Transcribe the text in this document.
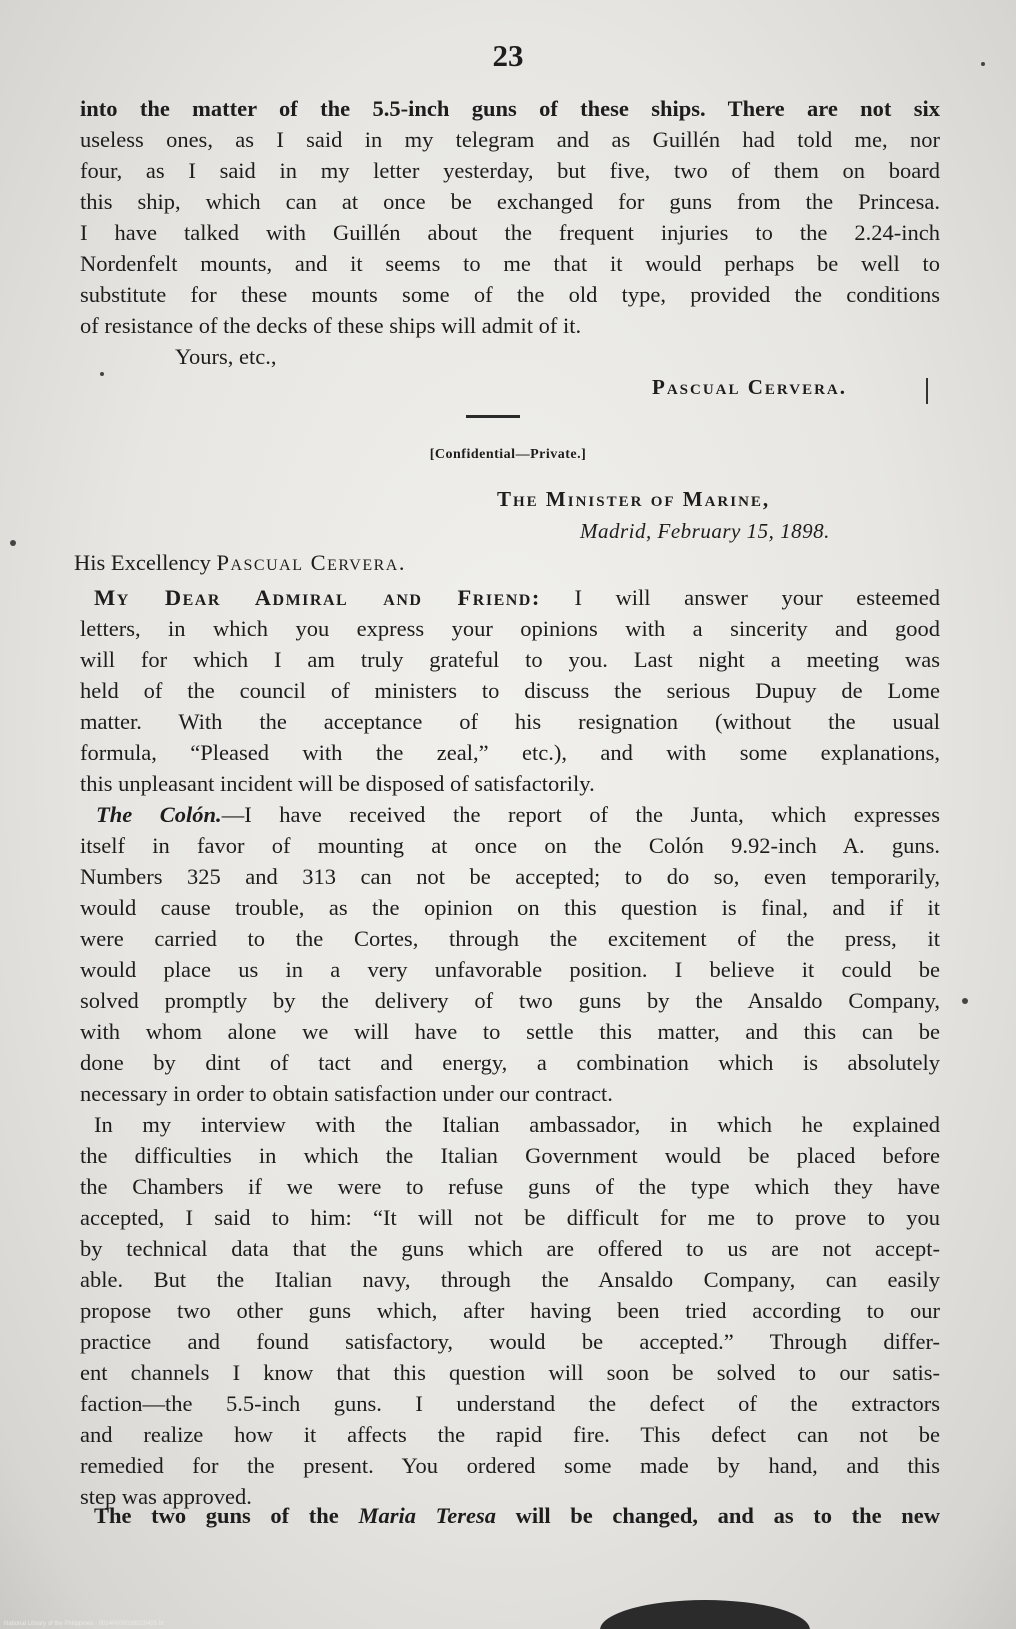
23
into the matter of the 5.5-inch guns of these ships. There are not six
useless ones, as I said in my telegram and as Guillén had told me, nor
four, as I said in my letter yesterday, but five, two of them on board
this ship, which can at once be exchanged for guns from the Princesa.
I have talked with Guillén about the frequent injuries to the 2.24-inch
Nordenfelt mounts, and it seems to me that it would perhaps be well to
substitute for these mounts some of the old type, provided the conditions
of resistance of the decks of these ships will admit of it.
Yours, etc.,
Pascual Cervera.
[Confidential—Private.]
The Minister of Marine,
Madrid, February 15, 1898.
His Excellency Pascual Cervera.
My Dear Admiral and Friend: I will answer your esteemed
letters, in which you express your opinions with a sincerity and good
will for which I am truly grateful to you. Last night a meeting was
held of the council of ministers to discuss the serious Dupuy de Lome
matter. With the acceptance of his resignation (without the usual
formula, “Pleased with the zeal,” etc.), and with some explanations,
this unpleasant incident will be disposed of satisfactorily.
The Colón.—I have received the report of the Junta, which expresses
itself in favor of mounting at once on the Colón 9.92-inch A. guns.
Numbers 325 and 313 can not be accepted; to do so, even temporarily,
would cause trouble, as the opinion on this question is final, and if it
were carried to the Cortes, through the excitement of the press, it
would place us in a very unfavorable position. I believe it could be
solved promptly by the delivery of two guns by the Ansaldo Company,
with whom alone we will have to settle this matter, and this can be
done by dint of tact and energy, a combination which is absolutely
necessary in order to obtain satisfaction under our contract.
In my interview with the Italian ambassador, in which he explained
the difficulties in which the Italian Government would be placed before
the Chambers if we were to refuse guns of the type which they have
accepted, I said to him: “It will not be difficult for me to prove to you
by technical data that the guns which are offered to us are not accept-
able. But the Italian navy, through the Ansaldo Company, can easily
propose two other guns which, after having been tried according to our
practice and found satisfactory, would be accepted.” Through differ-
ent channels I know that this question will soon be solved to our satis-
faction—the 5.5-inch guns. I understand the defect of the extractors
and realize how it affects the rapid fire. This defect can not be
remedied for the present. You ordered some made by hand, and this
step was approved.
The two guns of the Maria Teresa will be changed, and as to the new
National Library of the Philippines · 0024P000039D20405 bt
